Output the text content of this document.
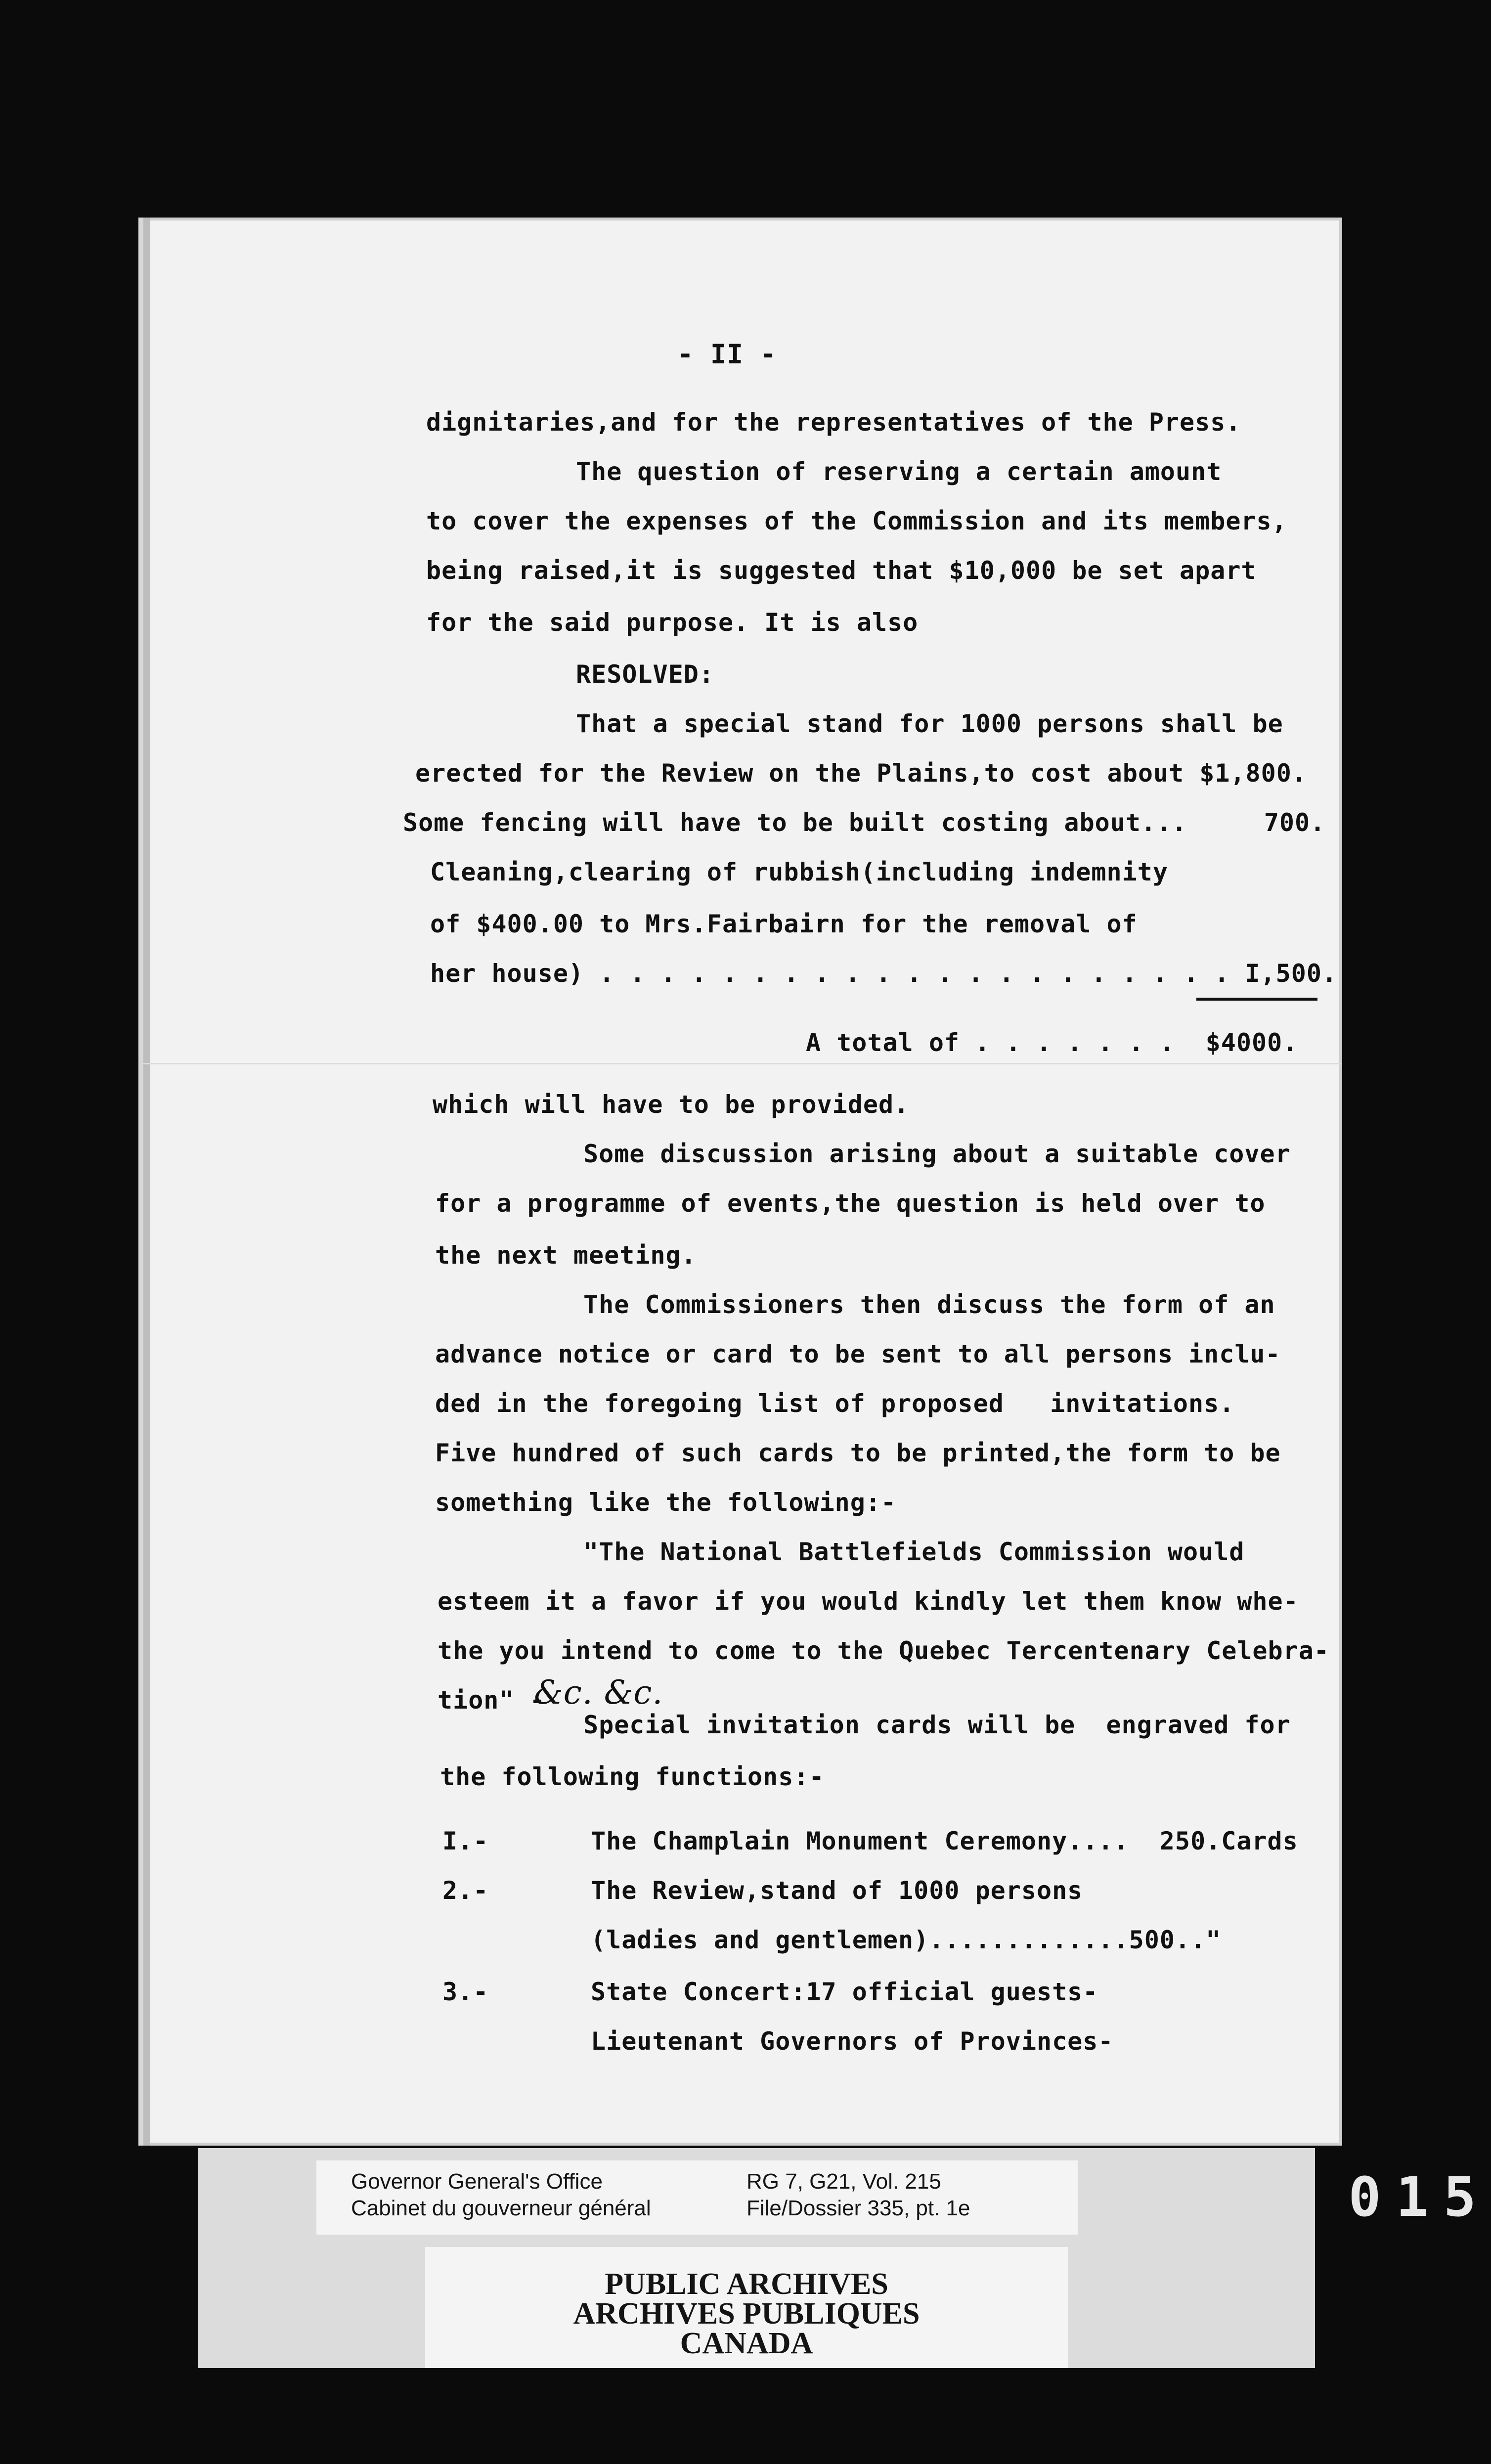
- II -
dignitaries,and for the representatives of the Press.
The question of reserving a certain amount
to cover the expenses of the Commission and its members,
being raised,it is suggested that $10,000 be set apart
for the said purpose. It is also
RESOLVED:
That a special stand for 1000 persons shall be
erected for the Review on the Plains,to cost about $1,800.
Some fencing will have to be built costing about...     700.
Cleaning,clearing of rubbish(including indemnity
of $400.00 to Mrs.Fairbairn for the removal of
her house) . . . . . . . . . . . . . . . . . . . . . I,500.
A total of . . . . . . .  $4000.
which will have to be provided.
Some discussion arising about a suitable cover
for a programme of events,the question is held over to
the next meeting.
The Commissioners then discuss the form of an
advance notice or card to be sent to all persons inclu-
ded in the foregoing list of proposed   invitations.
Five hundred of such cards to be printed,the form to be
something like the following:-
"The National Battlefields Commission would
esteem it a favor if you would kindly let them know whe-
the you intend to come to the Quebec Tercentenary Celebra-
tion" -
&c. &c.
Special invitation cards will be  engraved for
the following functions:-
I.-	The Champlain Monument Ceremony....  250.Cards
2.-	The Review,stand of 1000 persons
(ladies and gentlemen).............500.."
3.-	State Concert:17 official guests-
Lieutenant Governors of Provinces-
Governor General's Office
Cabinet du gouverneur général
RG 7, G21, Vol. 215
File/Dossier 335, pt. 1e
PUBLIC ARCHIVES
ARCHIVES PUBLIQUES
CANADA
015
